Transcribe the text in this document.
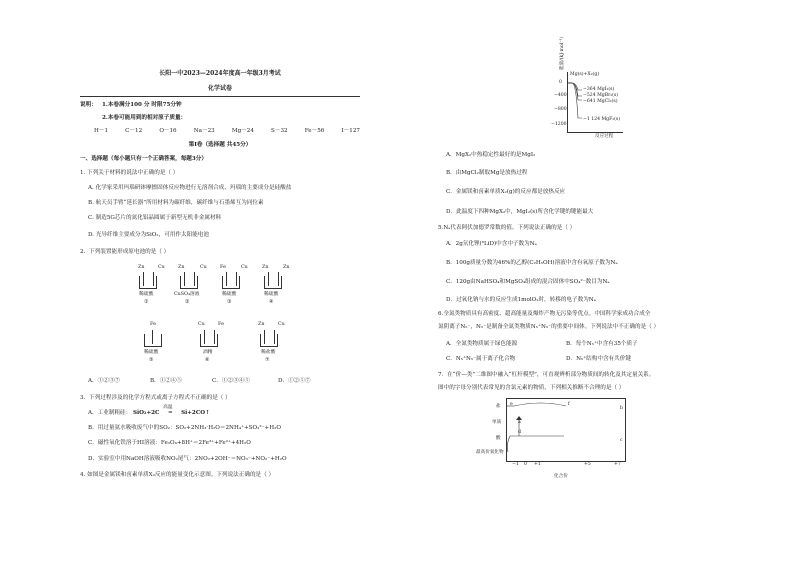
长阳一中2023—2024年度高一年级3月考试
化学试卷
说明： 1.本卷满分100 分 时限75分钟
2.本卷可能用到的相对原子质量：
H－1	C－12	O－16	Na－23	Mg－24	S－32	Fe－56	I－127
第Ⅰ卷（选择题 共45分）
一、选择题（每小题只有一个正确答案，每题3分）
1. 下列关于材料的说法中正确的是（ ）
A. 化学家采用玛瑙研钵摩擦固体反应物进行无溶剂合成，玛瑙的主要成分是硅酸盐
B. 航天员手臂“延长器”所用材料为碳纤维，碳纤维与石墨烯互为同位素
C. 制造5G芯片的氮化铝晶圆属于新型无机非金属材料
D. 光导纤维主要成分为SiO₂，可用作太阳能电池
2．下列装置能形成原电池的是（ ）
Zn	Cu
稀硫酸
①
Zn	Cu
CuSO₄溶液
②
Fe	Cu
稀硫酸
③
Zn	Zn
稀硫酸
④
Fe
稀硫酸
⑤
Cu	Fe
酒精
⑥
Zn	Cu
稀盐酸
⑦
A．①②③⑦	B．①②④⑤	C．①②③④⑤	D．①②⑤⑦
3．下列过程涉及的化学方程式或离子方程式不正确的是（ ）
A．工业制粗硅： SiO₂+2C
高温
═ Si+2CO↑
B．用过量氨水吸收废气中的SO₂：SO₂+2NH₃·H₂O＝2NH₄⁺+SO₃²⁻+H₂O
C．磁性氧化铁溶于HI溶液：Fe₃O₄+8H⁺＝2Fe³⁺+Fe²⁺+4H₂O
D．实验室中用NaOH溶液吸收NO₂尾气：2NO₂+2OH⁻＝NO₃⁻+NO₂⁻+H₂O
4. 如图是金属镁和卤素单质X₂反应的能量变化示意图。下列说法正确的是（ ）
能量/(kJ·mol⁻¹)
Mg(s)+X₂(g)
0
−400
−800
−1200
−364 MgI₂(s)
−524 MgBr₂(s)
−641 MgCl₂(s)
−1 124 MgF₂(s)
反应过程
A．MgX₂中热稳定性最好的是MgI₂
B．由MgCl₂制取Mg是放热过程
C．金属镁和卤素单质X₂(g)的反应都是放热反应
D．此温度下四种MgX₂中，MgI₂(s)所含化学键的键能最大
5.Nₐ代表阿伏加德罗常数的值。下列说法正确的是（ ）
A．2g氘化锂(⁶LiD)中含中子数为Nₐ
B．100g质量分数为46%的乙醇(C₂H₅OH)溶液中含有氧原子数为Nₐ
C．120g由NaHSO₄和MgSO₄组成的混合固体中SO₄²⁻数目为Nₐ
D．过氧化钠与水的反应生成1molO₂时，转移的电子数为Nₐ
6.全氮类物质具有高密度、超高能量及爆炸产物无污染等优点。中国科学家成功合成全
氮阴离子N₅⁻，N₅⁻是制备全氮类物质N₅⁺N₅⁻的重要中间体。下列说法中不正确的是（ ）
A．全氮类物质属于绿色能源	B．每个N₅⁺中含有35个质子
C．N₅⁺N₅⁻属于离子化合物	D．N₅⁺结构中含有共价键
7．在“价—类”二维图中融入“杠杆模型”，可直观辨析部分物质间的转化及其定量关系。
图中的字母分别代表常见的含氯元素的物质，下列相关推断不合理的是（ ）
盐
单质
酸
最高价氧化物
e	f
b
a
d
c
−1 0 +1	+5	+7
化合价
